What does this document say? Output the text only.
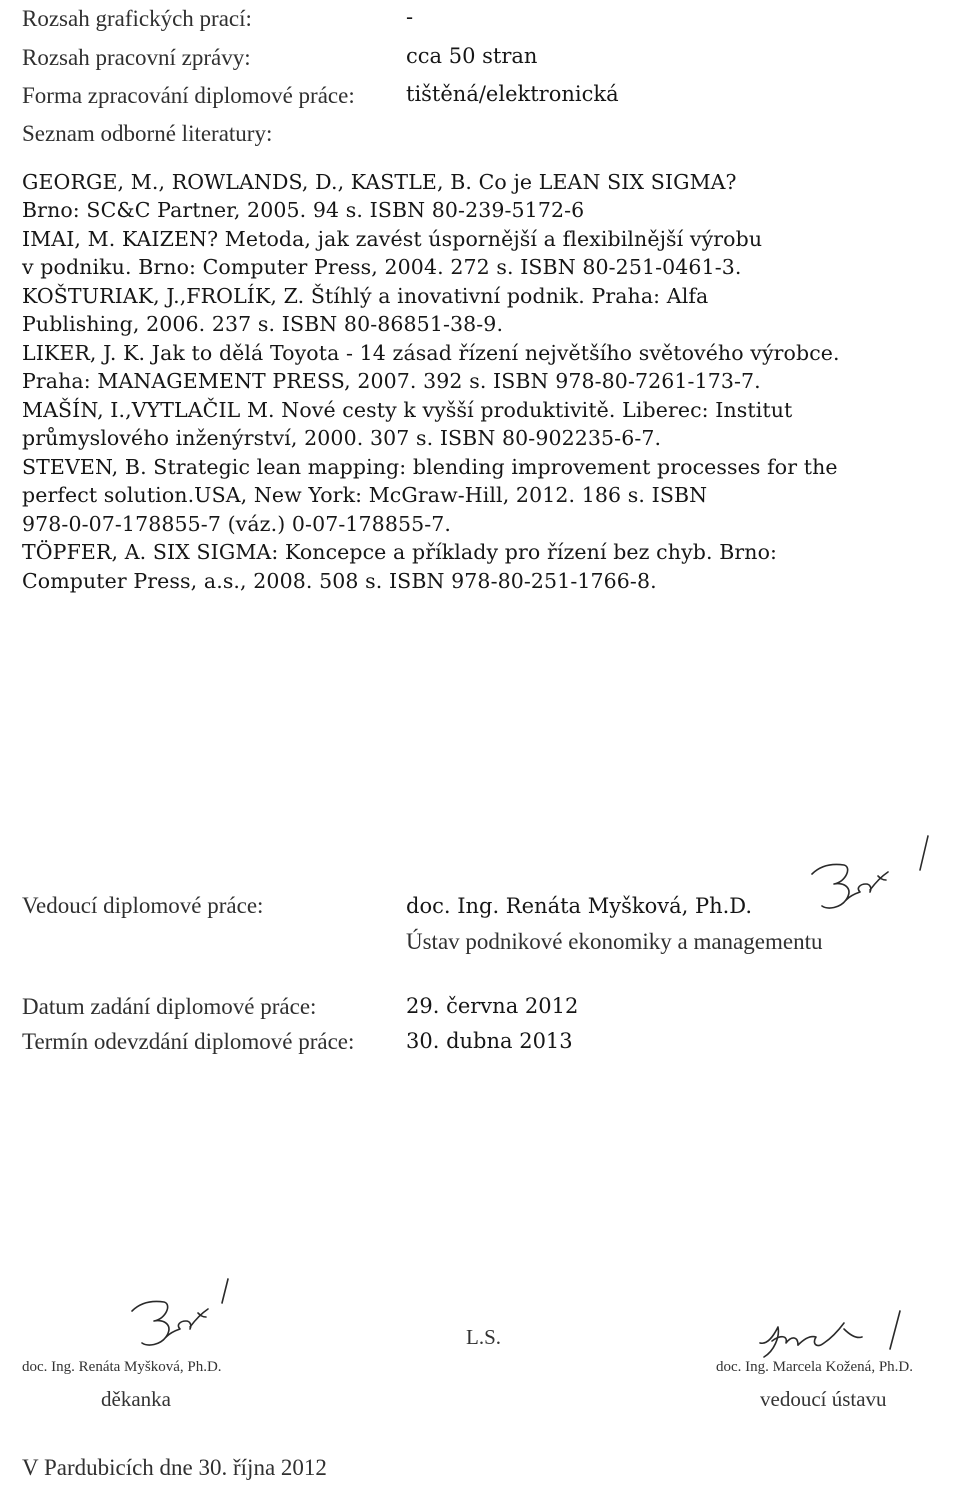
Rozsah grafických prací:	-
Rozsah pracovní zprávy:	cca 50 stran
Forma zpracování diplomové práce: tištěná/elektronická
Seznam odborné literatury:
GEORGE, M., ROWLANDS, D., KASTLE, B. Co je LEAN SIX SIGMA?
Brno: SC&C Partner, 2005. 94 s. ISBN 80-239-5172-6
IMAI, M. KAIZEN? Metoda, jak zavést úspornější a flexibilnější výrobu
v podniku. Brno: Computer Press, 2004. 272 s. ISBN 80-251-0461-3.
KOŠTURIAK, J.,FROLÍK, Z. Štíhlý a inovativní podnik. Praha: Alfa
Publishing, 2006. 237 s. ISBN 80-86851-38-9.
LIKER, J. K. Jak to dělá Toyota - 14 zásad řízení největšího světového výrobce.
Praha: MANAGEMENT PRESS, 2007. 392 s. ISBN 978-80-7261-173-7.
MAŠÍN, I.,VYTLAČIL M. Nové cesty k vyšší produktivitě. Liberec: Institut
průmyslového inženýrství, 2000. 307 s. ISBN 80-902235-6-7.
STEVEN, B. Strategic lean mapping: blending improvement processes for the
perfect solution.USA, New York: McGraw-Hill, 2012. 186 s. ISBN
978-0-07-178855-7 (váz.) 0-07-178855-7.
TÖPFER, A. SIX SIGMA: Koncepce a příklady pro řízení bez chyb. Brno:
Computer Press, a.s., 2008. 508 s. ISBN 978-80-251-1766-8.
Vedoucí diplomové práce:	doc. Ing. Renáta Myšková, Ph.D.
Ústav podnikové ekonomiky a managementu
Datum zadání diplomové práce:	29. června 2012
Termín odevzdání diplomové práce: 30. dubna 2013
doc. Ing. Renáta Myšková, Ph.D.
děkanka
L.S.
doc. Ing. Marcela Kožená, Ph.D.
vedoucí ústavu
V Pardubicích dne 30. října 2012
